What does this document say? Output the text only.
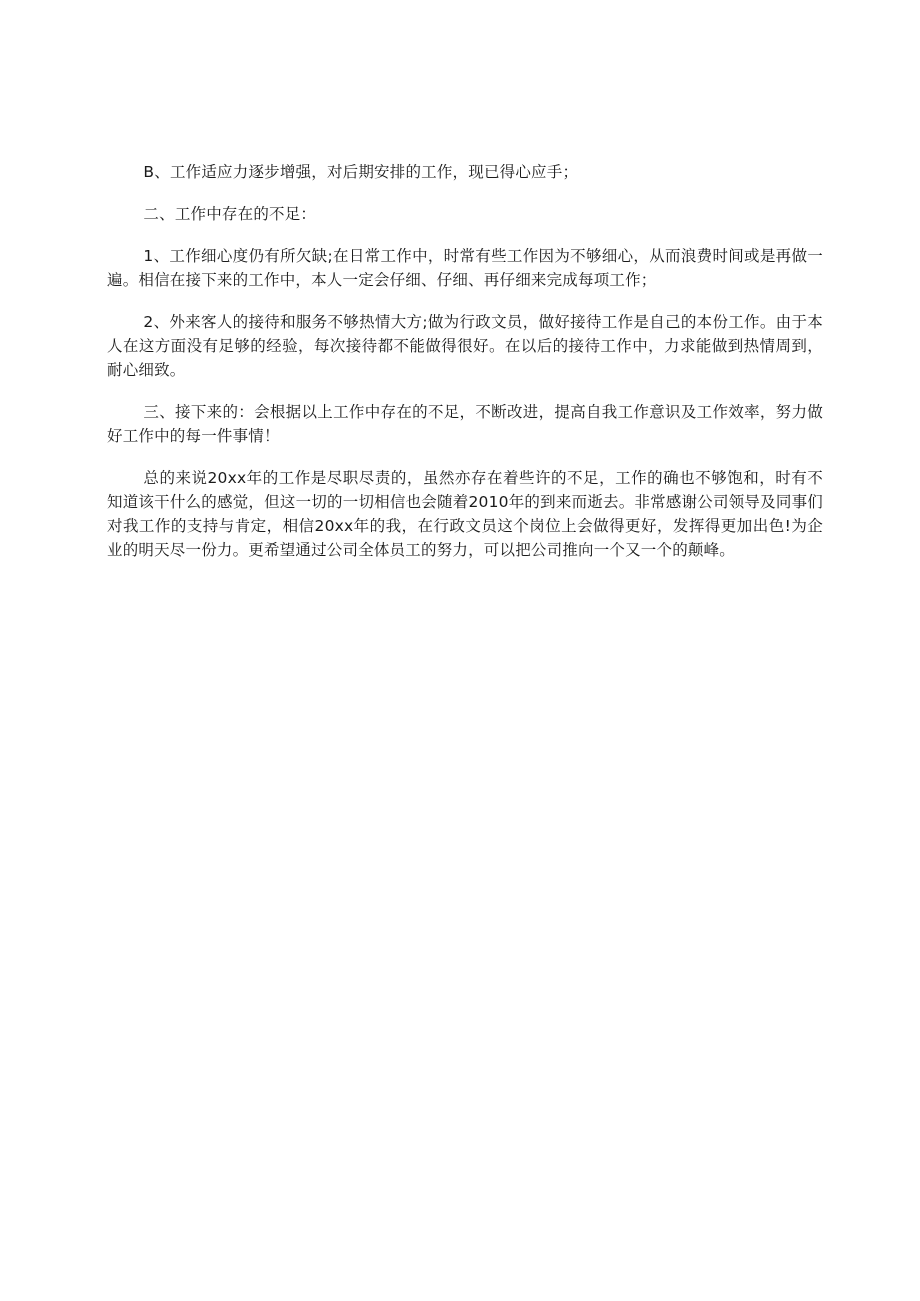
B、工作适应力逐步增强，对后期安排的工作，现已得心应手；

二、工作中存在的不足：

1、工作细心度仍有所欠缺;在日常工作中，时常有些工作因为不够细心，从而浪费时间或是再做一遍。相信在接下来的工作中，本人一定会仔细、仔细、再仔细来完成每项工作；

2、外来客人的接待和服务不够热情大方;做为行政文员，做好接待工作是自己的本份工作。由于本人在这方面没有足够的经验，每次接待都不能做得很好。在以后的接待工作中，力求能做到热情周到，耐心细致。

三、接下来的：会根据以上工作中存在的不足，不断改进，提高自我工作意识及工作效率，努力做好工作中的每一件事情！

总的来说20xx年的工作是尽职尽责的，虽然亦存在着些许的不足，工作的确也不够饱和，时有不知道该干什么的感觉，但这一切的一切相信也会随着2010年的到来而逝去。非常感谢公司领导及同事们对我工作的支持与肯定，相信20xx年的我，在行政文员这个岗位上会做得更好，发挥得更加出色!为企业的明天尽一份力。更希望通过公司全体员工的努力，可以把公司推向一个又一个的颠峰。
